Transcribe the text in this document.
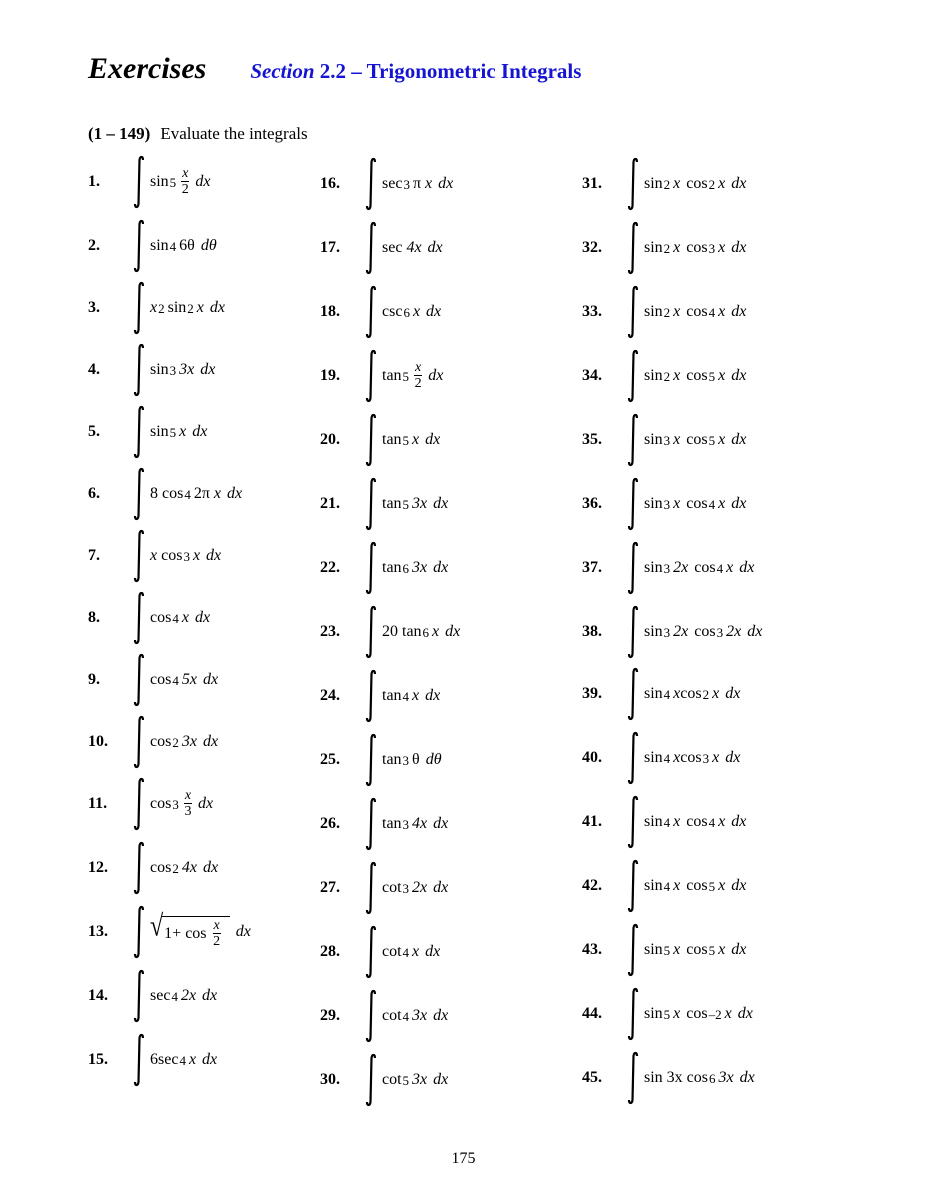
Exercises Section 2.2 – Trigonometric Integrals
(1 – 149) Evaluate the integrals
1.	$\sin 5 \frac{x}{2}$ dx
2.	sin 4 6θ dθ
3.	x 2 sin 2 x dx
4.	sin 3 3x dx
5.	sin 5 x dx
6.	8
cos 4 2π
x dx
7.	x
cos 3 x dx
8.	cos 4 x dx
9.	cos 4 5x dx
10.	cos 2 3x dx
11.	$\cos 3 \frac{x}{3}$ dx
12.	cos 2 4x dx
13.	√ 1+
cos
$\frac{x}{2}$ dx
14.	sec 4 2x dx
15.	6 sec 4 x dx
16.	sec 3 π
x dx
17.	sec
4x dx
18.	csc 6 x dx
19.	$\tan 5 \frac{x}{2}$ dx
20.	tan 5 x dx
21.	tan 5 3x dx
22.	tan 6 3x dx
23.	20
tan 6 x dx
24.	tan 4 x dx
25.	tan 3 θ dθ
26.	tan 3 4x dx
27.	cot 3 2x dx
28.	cot 4 x dx
29.	cot 4 3x dx
30.	cot 5 3x dx
31.	sin 2 x cos 2 x dx
32.	sin 2 x cos 3 x dx
33.	sin 2 x cos 4 x dx
34.	sin 2 x cos 5 x dx
35.	sin 3 x cos 5 x dx
36.	sin 3 x cos 4 x dx
37.	sin 3 2x cos 4 x dx
38.	sin 3 2x cos 3 2x dx
39.	sin 4 x cos 2 x dx
40.	sin 4 x cos 3 x dx
41.	sin 4 x cos 4 x dx
42.	sin 4 x cos 5 x dx
43.	sin 5 x cos 5 x dx
44.	sin 5 x cos –2 x dx
45.	sin 3x
cos 6 3x dx
175
